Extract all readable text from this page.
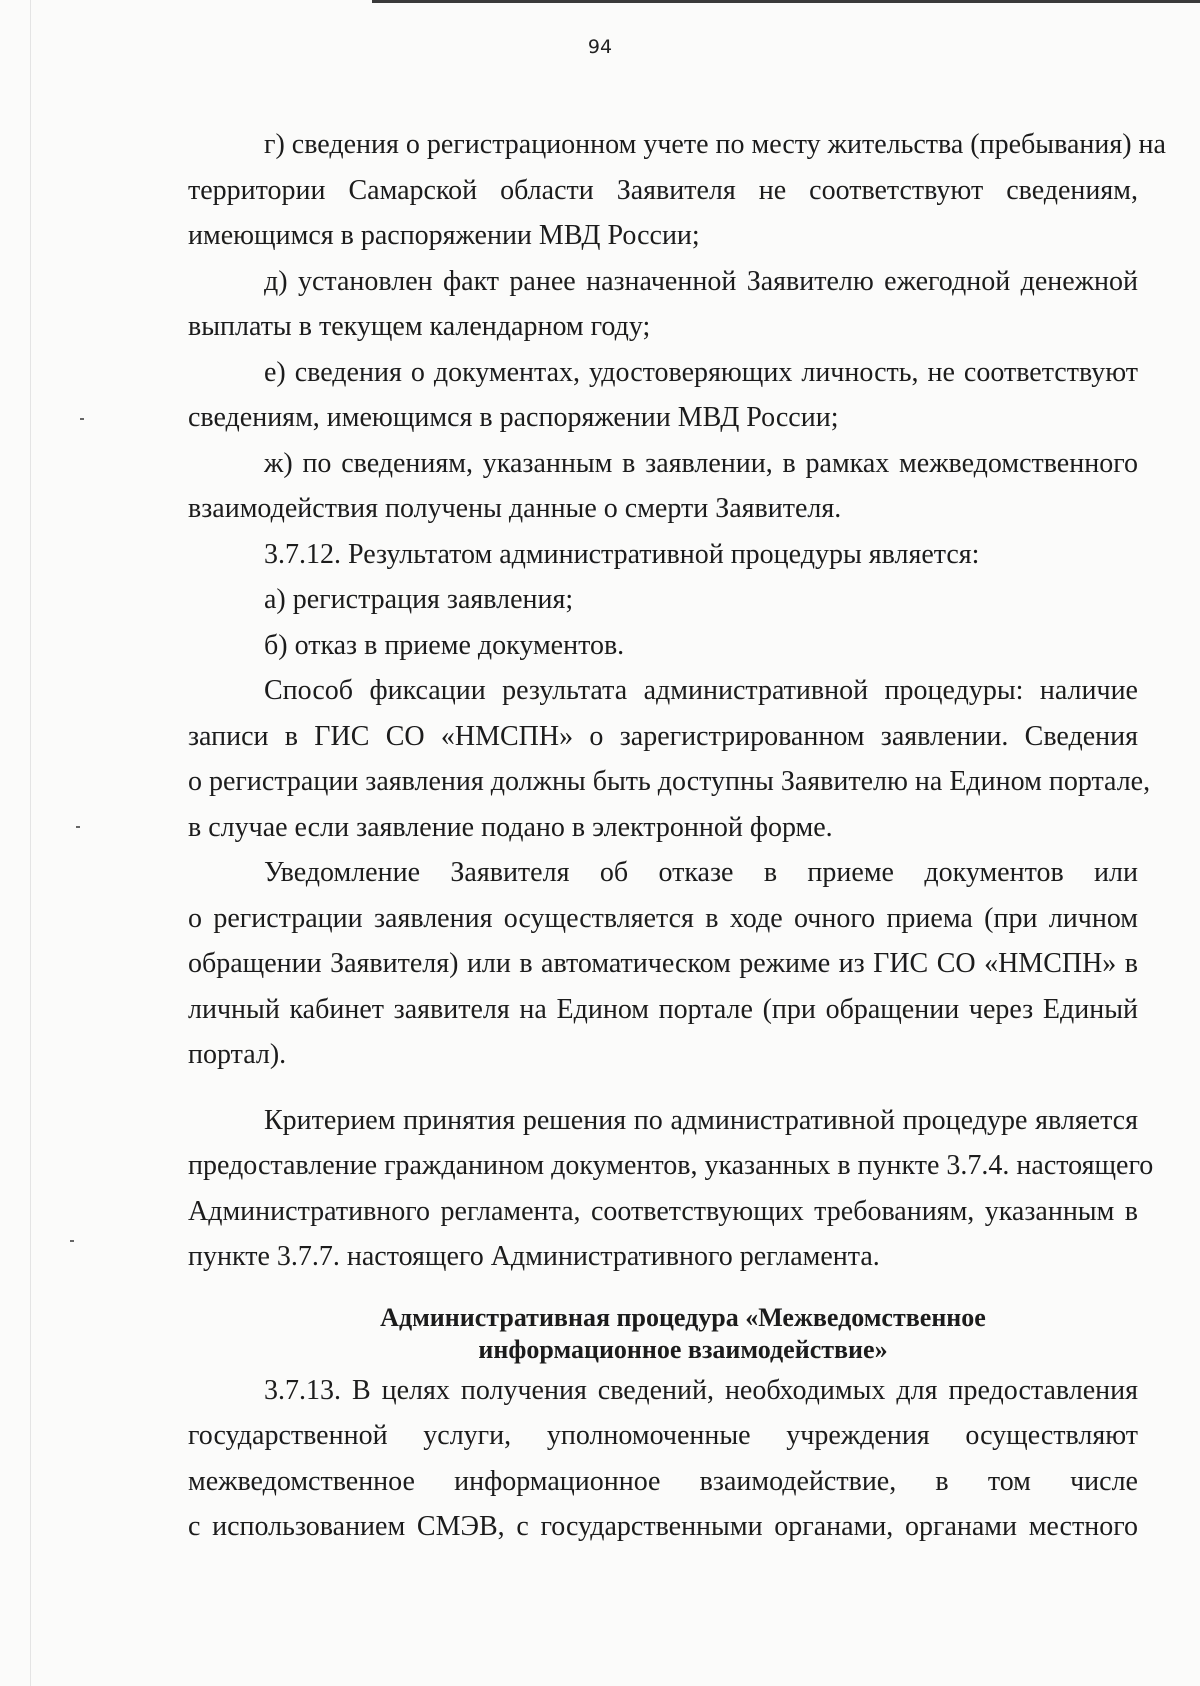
94
г) сведения о регистрационном учете по месту жительства (пребывания) на
территории Самарской области Заявителя не соответствуют сведениям,
имеющимся в распоряжении МВД России;
д) установлен факт ранее назначенной Заявителю ежегодной денежной
выплаты в текущем календарном году;
е) сведения о документах, удостоверяющих личность, не соответствуют
сведениям, имеющимся в распоряжении МВД России;
ж) по сведениям, указанным в заявлении, в рамках межведомственного
взаимодействия получены данные о смерти Заявителя.
3.7.12. Результатом административной процедуры является:
а) регистрация заявления;
б) отказ в приеме документов.
Способ фиксации результата административной процедуры: наличие
записи в ГИС СО «НМСПН» о зарегистрированном заявлении. Сведения
о регистрации заявления должны быть доступны Заявителю на Едином портале,
в случае если заявление подано в электронной форме.
Уведомление Заявителя об отказе в приеме документов или
о регистрации заявления осуществляется в ходе очного приема (при личном
обращении Заявителя) или в автоматическом режиме из ГИС СО «НМСПН» в
личный кабинет заявителя на Едином портале (при обращении через Единый
портал).
Критерием принятия решения по административной процедуре является
предоставление гражданином документов, указанных в пункте 3.7.4. настоящего
Административного регламента, соответствующих требованиям, указанным в
пункте 3.7.7. настоящего Административного регламента.
Административная процедура «Межведомственное
информационное взаимодействие»
3.7.13. В целях получения сведений, необходимых для предоставления
государственной услуги, уполномоченные учреждения осуществляют
межведомственное информационное взаимодействие, в том числе
с использованием СМЭВ, с государственными органами, органами местного
